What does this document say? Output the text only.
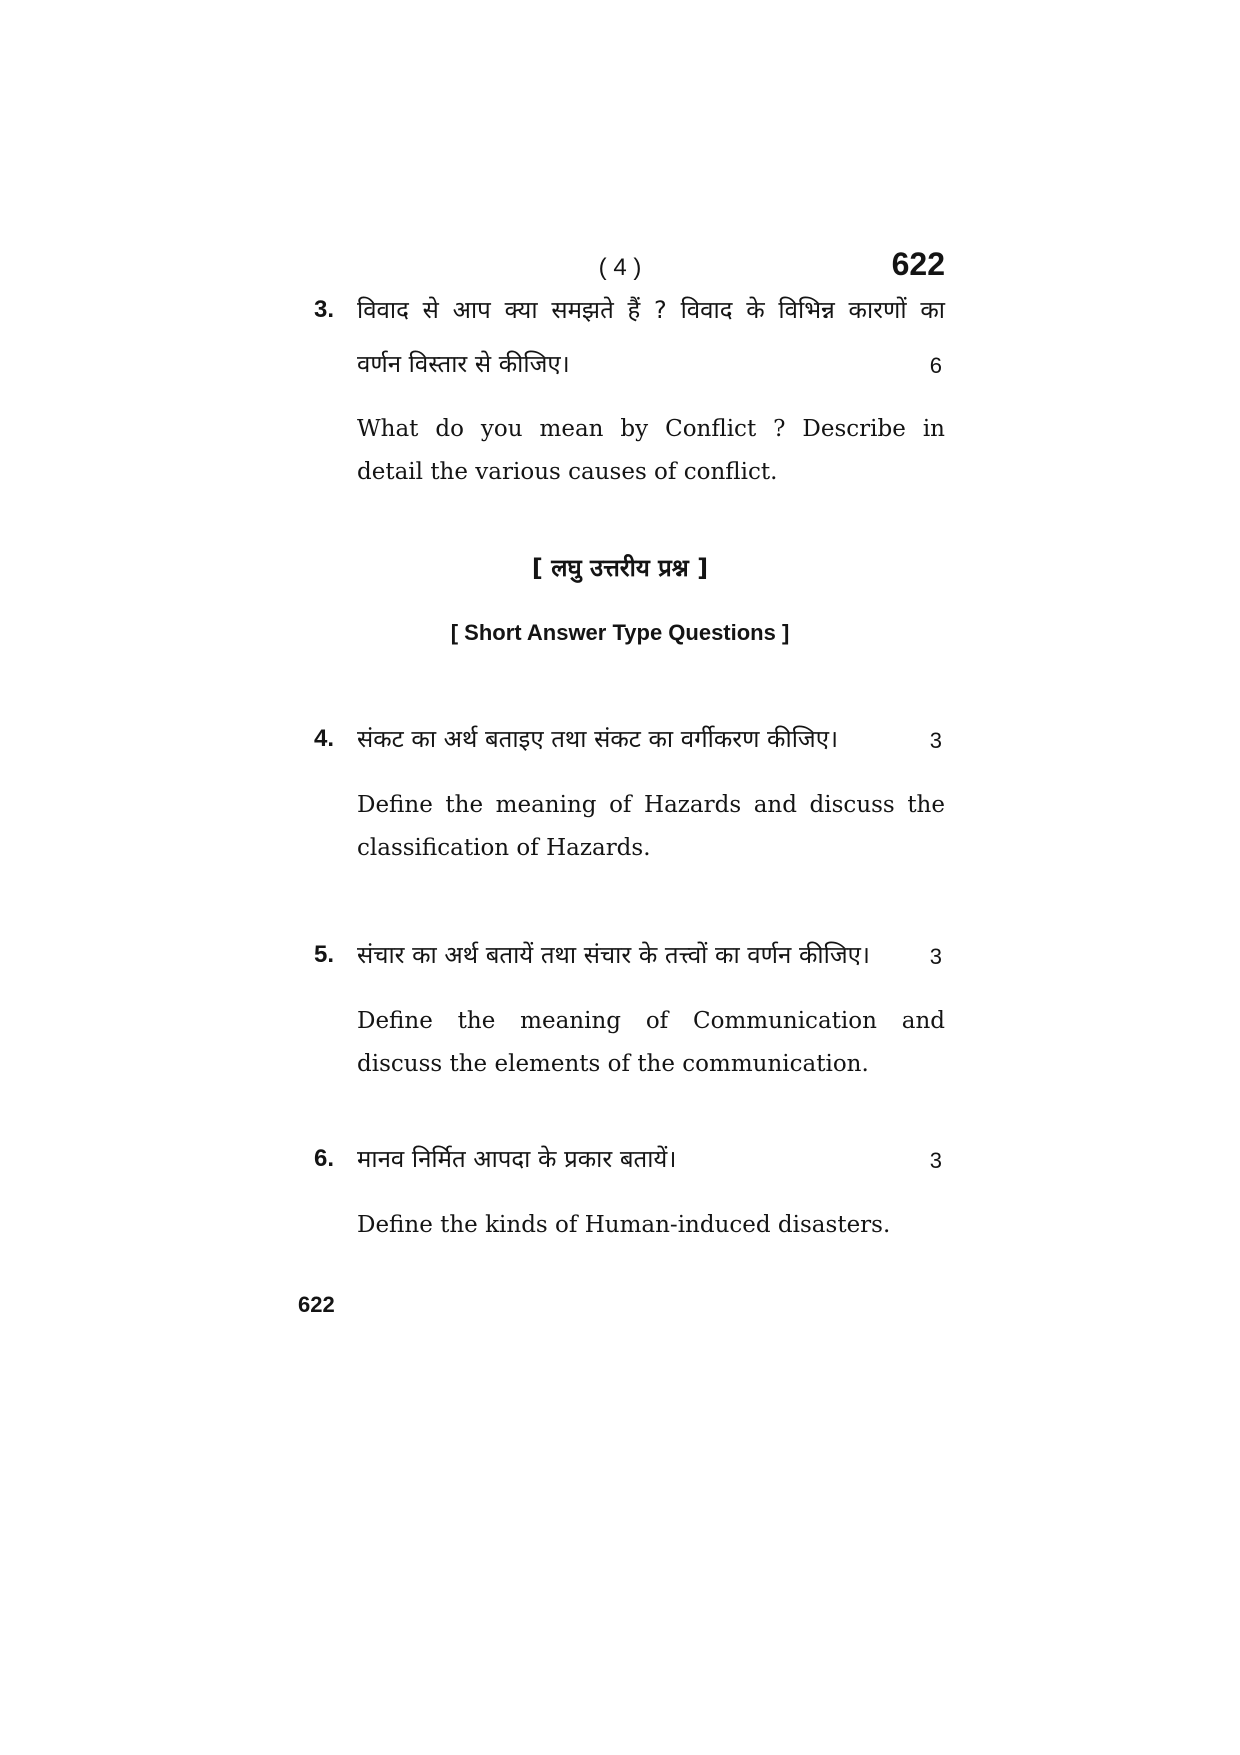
( 4 )	622
3. विवाद से आप क्या समझते हैं ? विवाद के विभिन्न कारणों का
वर्णन विस्तार से कीजिए।	6
What do you mean by Conflict ? Describe in
detail the various causes of conflict.
[ लघु उत्तरीय प्रश्न ]
[ Short Answer Type Questions ]
4. संकट का अर्थ बताइए तथा संकट का वर्गीकरण कीजिए।	3
Define the meaning of Hazards and discuss the
classification of Hazards.
5. संचार का अर्थ बतायें तथा संचार के तत्त्वों का वर्णन कीजिए।	3
Define the meaning of Communication and
discuss the elements of the communication.
6. मानव निर्मित आपदा के प्रकार बतायें।	3
Define the kinds of Human-induced disasters.
622
